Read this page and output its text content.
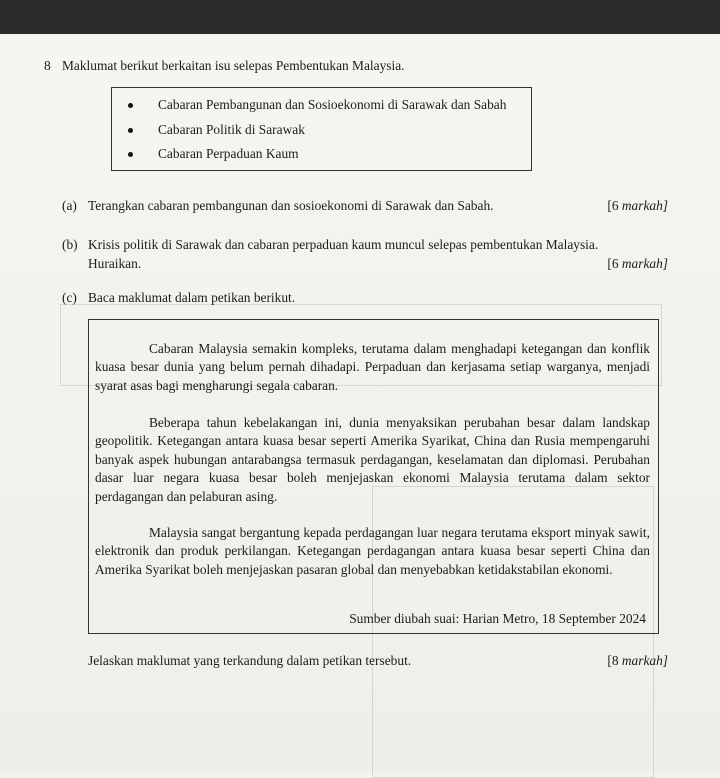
8 Maklumat berikut berkaitan isu selepas Pembentukan Malaysia.
Cabaran Pembangunan dan Sosioekonomi di Sarawak dan Sabah
Cabaran Politik di Sarawak
Cabaran Perpaduan Kaum
(a) Terangkan cabaran pembangunan dan sosioekonomi di Sarawak dan Sabah.	[6 markah]
(b) Krisis politik di Sarawak dan cabaran perpaduan kaum muncul selepas pembentukan Malaysia.
Huraikan.	[6 markah]
(c) Baca maklumat dalam petikan berikut.

Cabaran Malaysia semakin kompleks, terutama dalam menghadapi ketegangan dan konflik kuasa besar dunia yang belum pernah dihadapi. Perpaduan dan kerjasama setiap warganya, menjadi syarat asas bagi mengharungi segala cabaran.

Beberapa tahun kebelakangan ini, dunia menyaksikan perubahan besar dalam landskap geopolitik. Ketegangan antara kuasa besar seperti Amerika Syarikat, China dan Rusia mempengaruhi banyak aspek hubungan antarabangsa termasuk perdagangan, keselamatan dan diplomasi. Perubahan dasar luar negara kuasa besar boleh menjejaskan ekonomi Malaysia terutama dalam sektor perdagangan dan pelaburan asing.

Malaysia sangat bergantung kepada perdagangan luar negara terutama eksport minyak sawit, elektronik dan produk perkilangan. Ketegangan perdagangan antara kuasa besar seperti China dan Amerika Syarikat boleh menjejaskan pasaran global dan menyebabkan ketidakstabilan ekonomi.

Sumber diubah suai: Harian Metro, 18 September 2024
Jelaskan maklumat yang terkandung dalam petikan tersebut.	[8 markah]
